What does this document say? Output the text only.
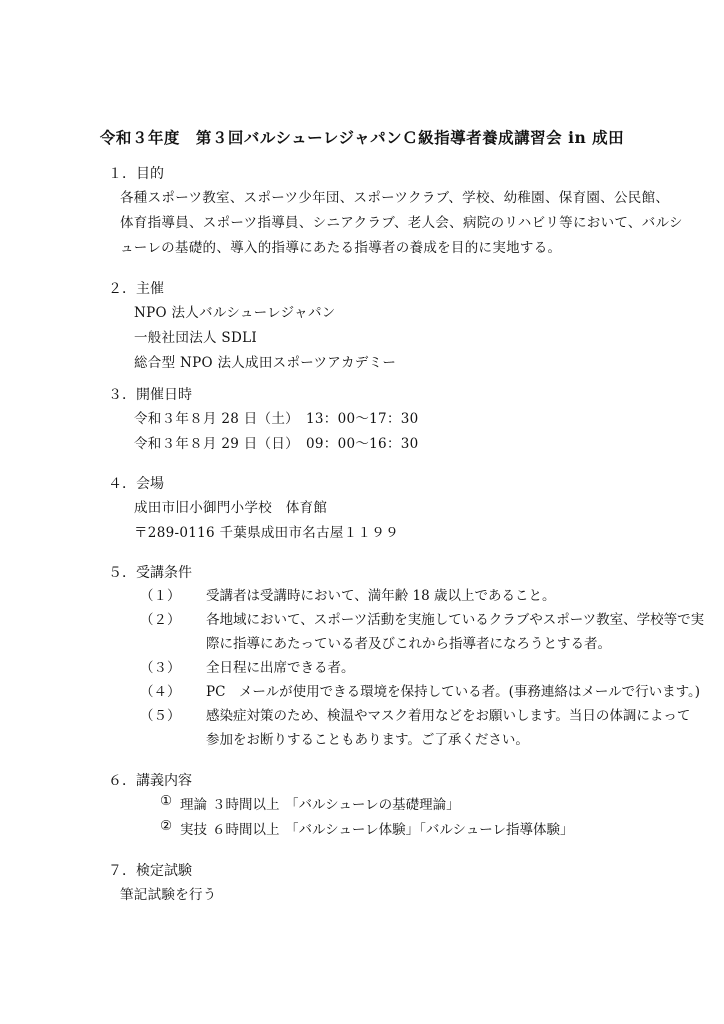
令和３年度　第３回バルシューレジャパンＣ級指導者養成講習会 in 成田
１．目的
各種スポーツ教室、スポーツ少年団、スポーツクラブ、学校、幼稚園、保育園、公民館、
体育指導員、スポーツ指導員、シニアクラブ、老人会、病院のリハビリ等において、バルシ
ューレの基礎的、導入的指導にあたる指導者の養成を目的に実地する。
２．主催
NPO 法人バルシューレジャパン
一般社団法人 SDLI
総合型 NPO 法人成田スポーツアカデミー
３．開催日時
令和３年８月 28 日（土）　13：00～17：30
令和３年８月 29 日（日）　09：00～16：30
４．会場
成田市旧小御門小学校　体育館
〒289-0116 千葉県成田市名古屋１１９９
５．受講条件
（１） 受講者は受講時において、満年齢 18 歳以上であること。
（２） 各地域において、スポーツ活動を実施しているクラブやスポーツ教室、学校等で実
際に指導にあたっている者及びこれから指導者になろうとする者。
（３） 全日程に出席できる者。
（４） PC　メールが使用できる環境を保持している者。(事務連絡はメールで行います。)
（５） 感染症対策のため、検温やマスク着用などをお願いします。当日の体調によって
参加をお断りすることもあります。ご了承ください。
６．講義内容
① 理論 ３時間以上 「バルシューレの基礎理論」
② 実技 ６時間以上 「バルシューレ体験」「バルシューレ指導体験」
７．検定試験
筆記試験を行う
